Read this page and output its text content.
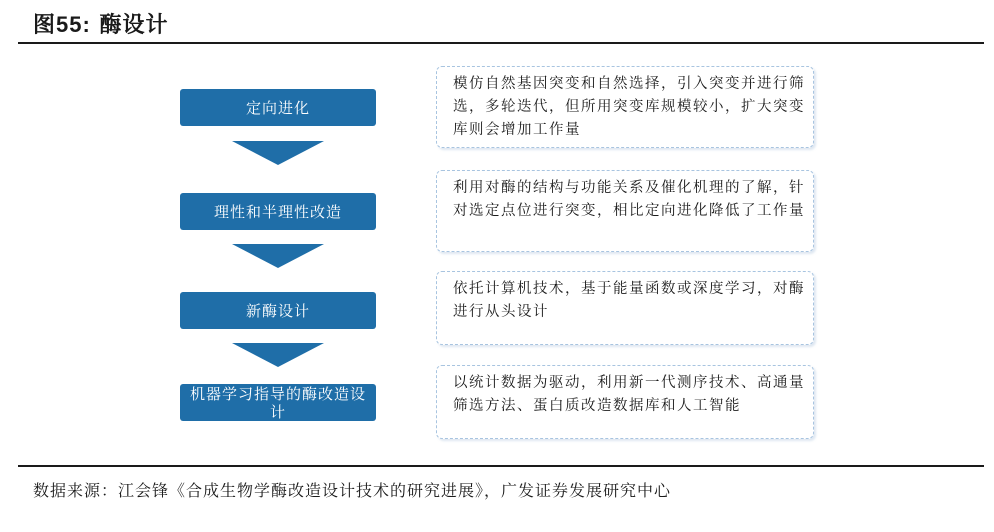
图55: 酶设计
定向进化
模仿自然基因突变和自然选择，引入突变并进行筛选，多轮迭代，但所用突变库规模较小，扩大突变库则会增加工作量
理性和半理性改造
利用对酶的结构与功能关系及催化机理的了解，针对选定点位进行突变，相比定向进化降低了工作量
新酶设计
依托计算机技术，基于能量函数或深度学习，对酶进行从头设计
机器学习指导的酶改造设计
以统计数据为驱动，利用新一代测序技术、高通量筛选方法、蛋白质改造数据库和人工智能
数据来源：江会锋《合成生物学酶改造设计技术的研究进展》，广发证券发展研究中心
